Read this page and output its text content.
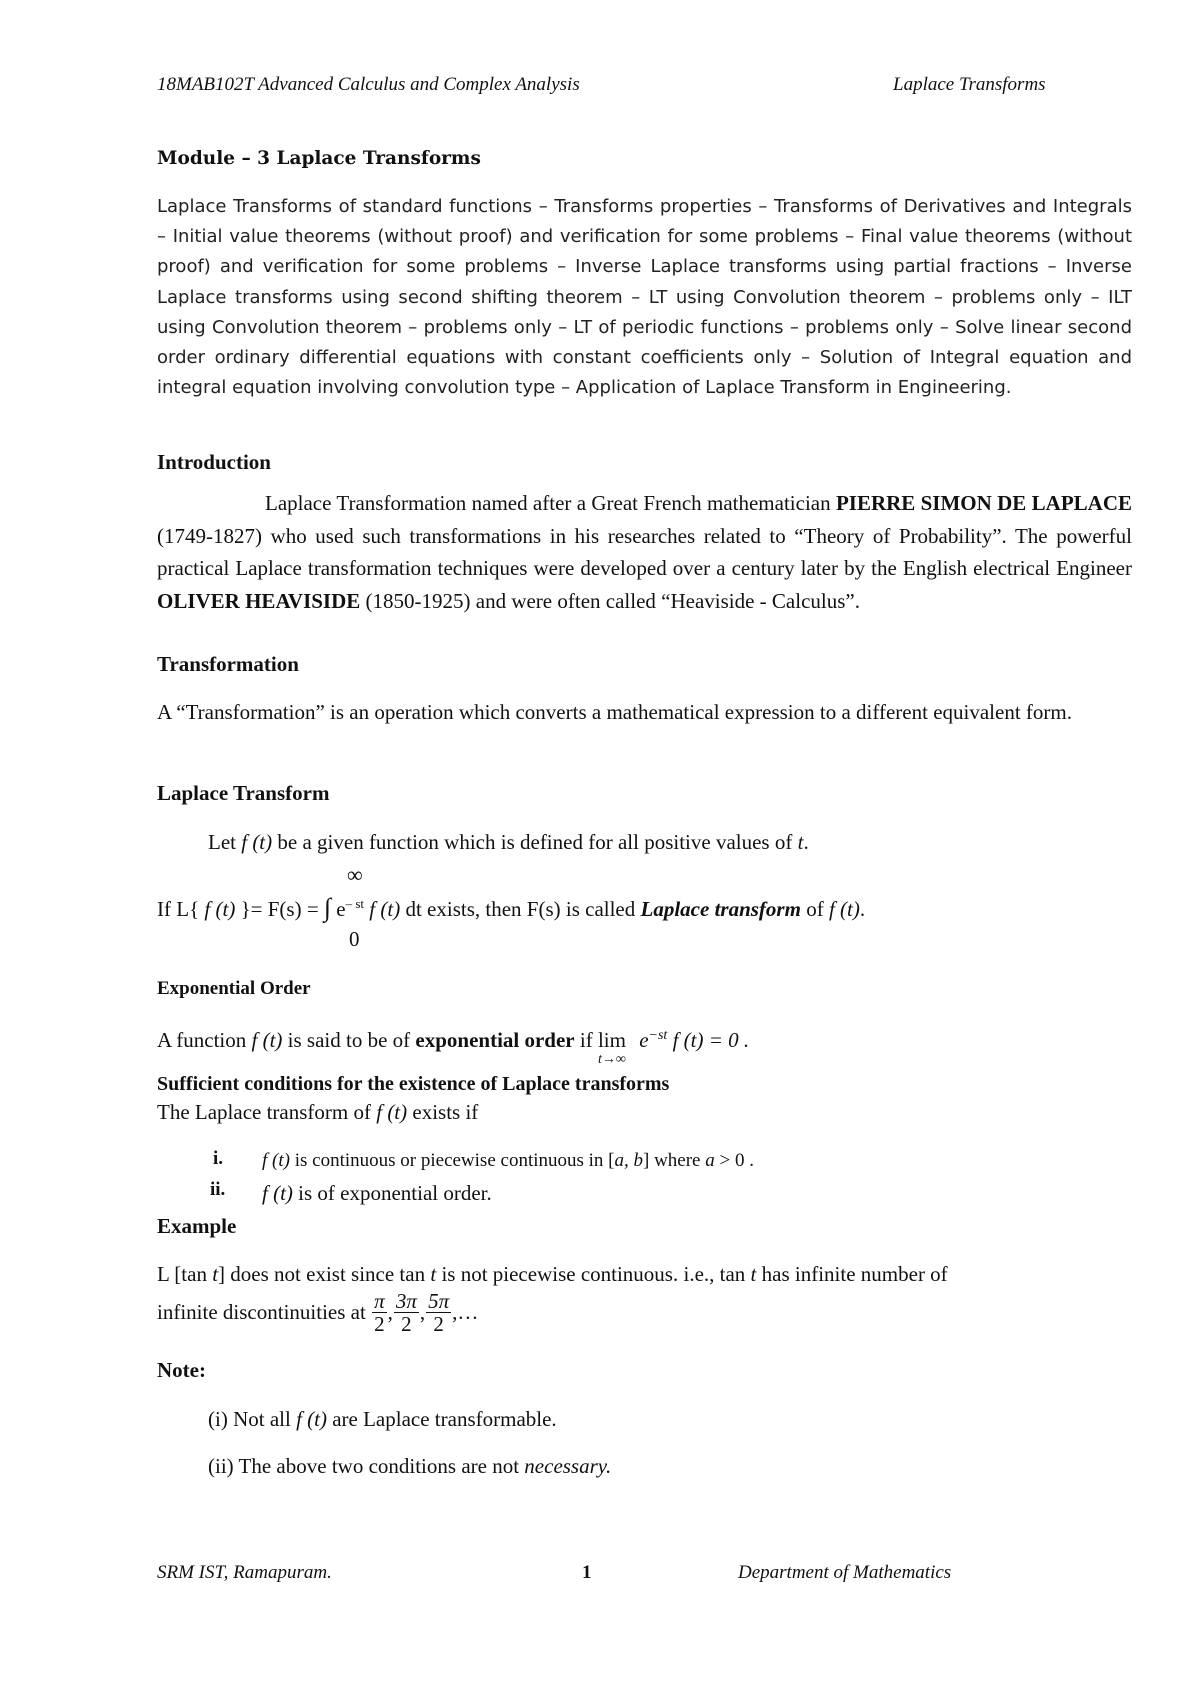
18MAB102T Advanced Calculus and Complex Analysis	Laplace Transforms
Module – 3 Laplace Transforms
Laplace Transforms of standard functions – Transforms properties – Transforms of Derivatives and Integrals – Initial value theorems (without proof) and verification for some problems – Final value theorems (without proof) and verification for some problems – Inverse Laplace transforms using partial fractions – Inverse Laplace transforms using second shifting theorem – LT using Convolution theorem – problems only – ILT using Convolution theorem – problems only – LT of periodic functions – problems only – Solve linear second order ordinary differential equations with constant coefficients only – Solution of Integral equation and integral equation involving convolution type – Application of Laplace Transform in Engineering.
Introduction
Laplace Transformation named after a Great French mathematician PIERRE SIMON DE LAPLACE (1749-1827) who used such transformations in his researches related to “Theory of Probability”. The powerful practical Laplace transformation techniques were developed over a century later by the English electrical Engineer OLIVER HEAVISIDE (1850-1925) and were often called “Heaviside - Calculus”.
Transformation
A “Transformation” is an operation which converts a mathematical expression to a different equivalent form.
Laplace Transform
Let f (t) be a given function which is defined for all positive values of t.
∞
If L{ f (t) }= F(s) = ∫ $e^{- st}$ f (t) dt exists, then F(s) is called Laplace transform of f (t).
0
Exponential Order
A function f (t) is said to be of exponential order if lim
t→∞
$e^{-st}$ f (t) = 0 .
Sufficient conditions for the existence of Laplace transforms
The Laplace transform of f (t) exists if
i. f (t) is continuous or piecewise continuous in [a, b] where a > 0 .
ii. f (t) is of exponential order.
Example
L [tan t] does not exist since tan t is not piecewise continuous. i.e., tan t has infinite number of
infinite discontinuities at
$\frac{\pi}{2}$ , $\frac{3\pi}{2}$ , $\frac{5\pi}{2}$ ,…
Note:
(i) Not all f (t) are Laplace transformable.
(ii) The above two conditions are not necessary.
SRM IST, Ramapuram.	1	Department of Mathematics
